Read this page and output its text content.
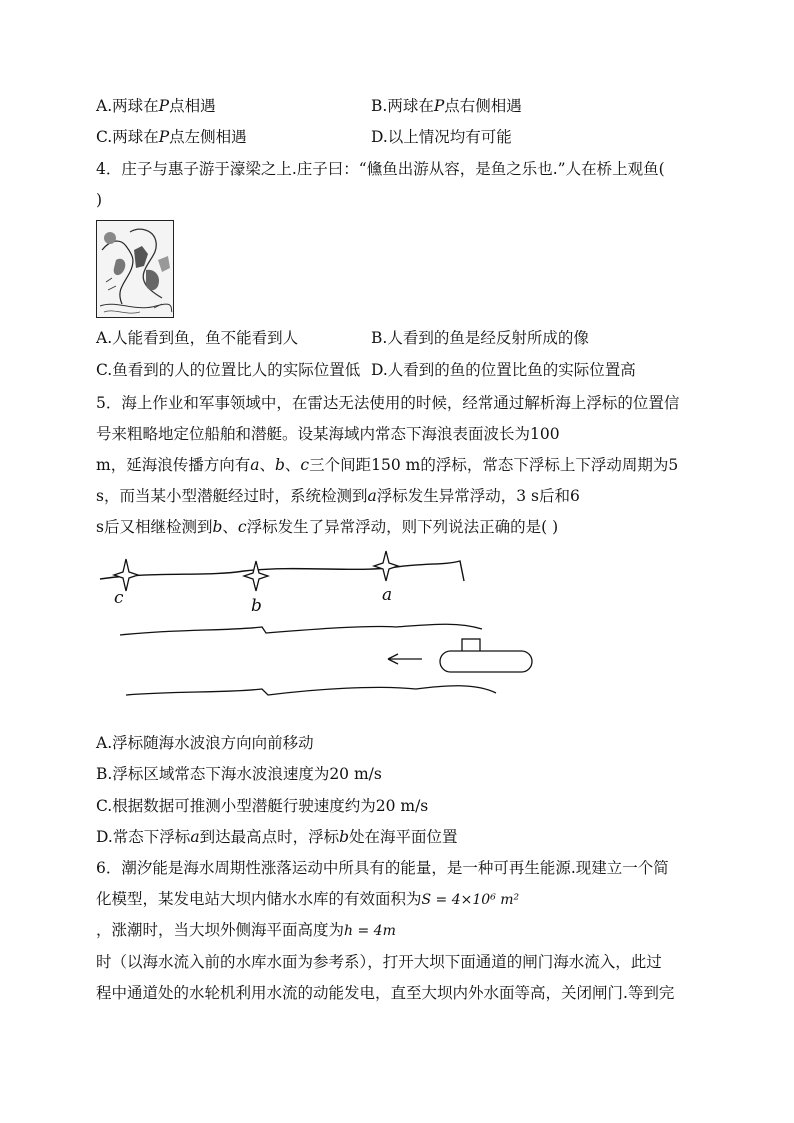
A.两球在P点相遇	B.两球在P点右侧相遇
C.两球在P点左侧相遇	D.以上情况均有可能
4．庄子与惠子游于濠梁之上.庄子曰：“儵鱼出游从容，是鱼之乐也.”人在桥上观鱼(
)
A.人能看到鱼，鱼不能看到人	B.人看到的鱼是经反射所成的像
C.鱼看到的人的位置比人的实际位置低 D.人看到的鱼的位置比鱼的实际位置高
5．海上作业和军事领域中，在雷达无法使用的时候，经常通过解析海上浮标的位置信
号来粗略地定位船舶和潜艇。设某海域内常态下海浪表面波长为100
m，延海浪传播方向有a、b、c三个间距150 m的浮标，常态下浮标上下浮动周期为5
s，而当某小型潜艇经过时，系统检测到a浮标发生异常浮动，3 s后和6
s后又相继检测到b、c浮标发生了异常浮动，则下列说法正确的是( )
c	b
a
A.浮标随海水波浪方向向前移动
B.浮标区域常态下海水波浪速度为20 m/s
C.根据数据可推测小型潜艇行驶速度约为20 m/s
D.常态下浮标a到达最高点时，浮标b处在海平面位置
6．潮汐能是海水周期性涨落运动中所具有的能量，是一种可再生能源.现建立一个简
化模型，某发电站大坝内储水水库的有效面积为S = 4×10⁶ m²
，涨潮时，当大坝外侧海平面高度为h = 4m
时（以海水流入前的水库水面为参考系），打开大坝下面通道的闸门海水流入，此过
程中通道处的水轮机利用水流的动能发电，直至大坝内外水面等高，关闭闸门.等到完
